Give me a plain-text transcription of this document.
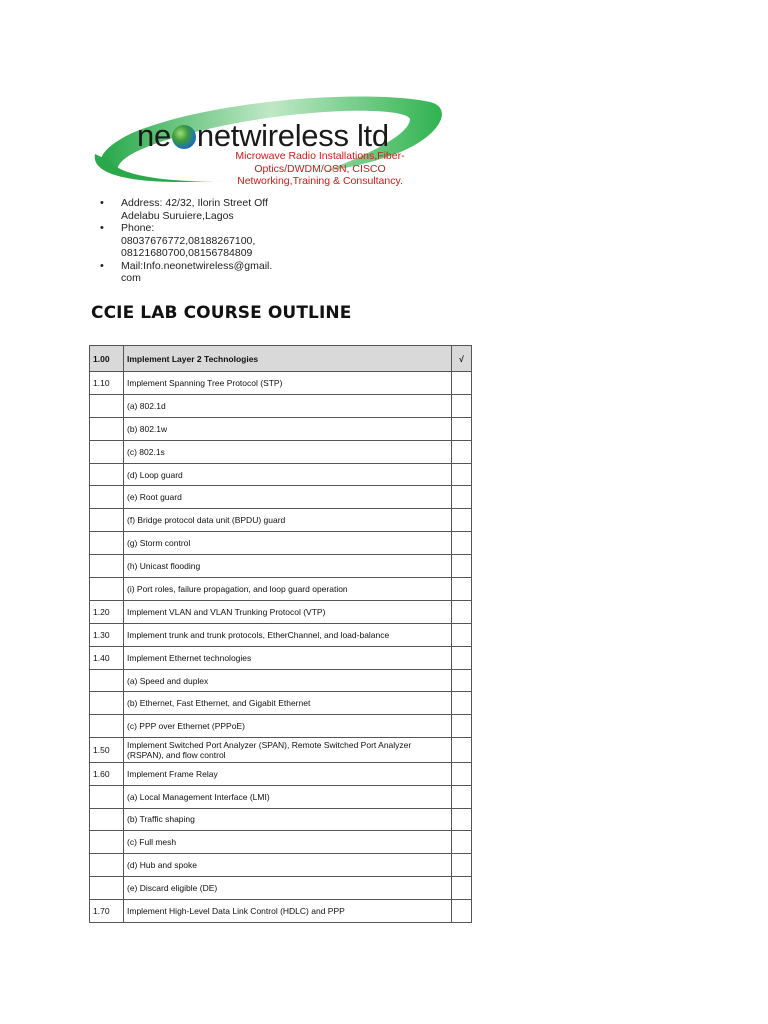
ne netwireless ltd
Microwave Radio Installations,Fiber-
Optics/DWDM/OSN, CISCO
Networking,Training & Consultancy.
• Address: 42/32, Ilorin Street Off
Adelabu Suruiere,Lagos
• Phone:
08037676772,08188267100,
08121680700,08156784809
• Mail:Info.neonetwireless@gmail.
com
CCIE LAB COURSE OUTLINE
1.00	Implement Layer 2 Technologies	√
1.10	Implement Spanning Tree Protocol (STP)	
	(a) 802.1d	
	(b) 802.1w	
	(c) 802.1s	
	(d) Loop guard	
	(e) Root guard	
	(f) Bridge protocol data unit (BPDU) guard	
	(g) Storm control	
	(h) Unicast flooding	
	(i) Port roles, failure propagation, and loop guard operation	
1.20	Implement VLAN and VLAN Trunking Protocol (VTP)	
1.30	Implement trunk and trunk protocols, EtherChannel, and load-balance	
1.40	Implement Ethernet technologies	
	(a) Speed and duplex	
	(b) Ethernet, Fast Ethernet, and Gigabit Ethernet	
	(c) PPP over Ethernet (PPPoE)	
1.50	Implement Switched Port Analyzer (SPAN), Remote Switched Port Analyzer (RSPAN), and flow control	
1.60	Implement Frame Relay	
	(a) Local Management Interface (LMI)	
	(b) Traffic shaping	
	(c) Full mesh	
	(d) Hub and spoke	
	(e) Discard eligible (DE)	
1.70	Implement High-Level Data Link Control (HDLC) and PPP	
